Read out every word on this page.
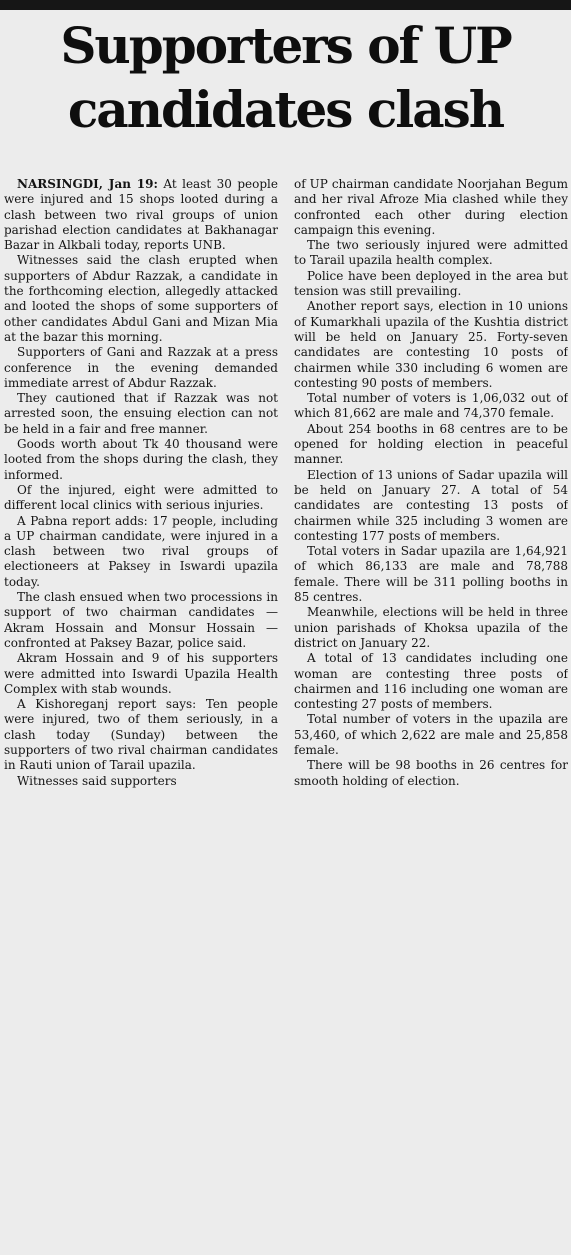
Supporters of UP candidates clash

NARSINGDI, Jan 19: At least 30 people were injured and 15 shops looted during a clash between two rival groups of union parishad election candidates at Bakhanagar Bazar in Alkbali today, reports UNB.

Witnesses said the clash erupted when supporters of Abdur Razzak, a candidate in the forthcoming election, allegedly attacked and looted the shops of some supporters of other candidates Abdul Gani and Mizan Mia at the bazar this morning.

Supporters of Gani and Razzak at a press conference in the evening demanded immediate arrest of Abdur Razzak.

They cautioned that if Razzak was not arrested soon, the ensuing election can not be held in a fair and free manner.

Goods worth about Tk 40 thousand were looted from the shops during the clash, they informed.

Of the injured, eight were admitted to different local clinics with serious injuries.

A Pabna report adds: 17 people, including a UP chairman candidate, were injured in a clash between two rival groups of electioneers at Paksey in Iswardi upazila today.

The clash ensued when two processions in support of two chairman candidates — Akram Hossain and Monsur Hossain — confronted at Paksey Bazar, police said.

Akram Hossain and 9 of his supporters were admitted into Iswardi Upazila Health Complex with stab wounds.

A Kishoreganj report says: Ten people were injured, two of them seriously, in a clash today (Sunday) between the supporters of two rival chairman candidates in Rauti union of Tarail upazila.

Witnesses said supporters

of UP chairman candidate Noorjahan Begum and her rival Afroze Mia clashed while they confronted each other during election campaign this evening.

The two seriously injured were admitted to Tarail upazila health complex.

Police have been deployed in the area but tension was still prevailing.

Another report says, election in 10 unions of Kumarkhali upazila of the Kushtia district will be held on January 25. Forty-seven candidates are contesting 10 posts of chairmen while 330 including 6 women are contesting 90 posts of members.

Total number of voters is 1,06,032 out of which 81,662 are male and 74,370 female.

About 254 booths in 68 centres are to be opened for holding election in peaceful manner.

Election of 13 unions of Sadar upazila will be held on January 27. A total of 54 candidates are contesting 13 posts of chairmen while 325 including 3 women are contesting 177 posts of members.

Total voters in Sadar upazila are 1,64,921 of which 86,133 are male and 78,788 female. There will be 311 polling booths in 85 centres.

Meanwhile, elections will be held in three union parishads of Khoksa upazila of the district on January 22.

A total of 13 candidates including one woman are contesting three posts of chairmen and 116 including one woman are contesting 27 posts of members.

Total number of voters in the upazila are 53,460, of which 2,622 are male and 25,858 female.

There will be 98 booths in 26 centres for smooth holding of election.
